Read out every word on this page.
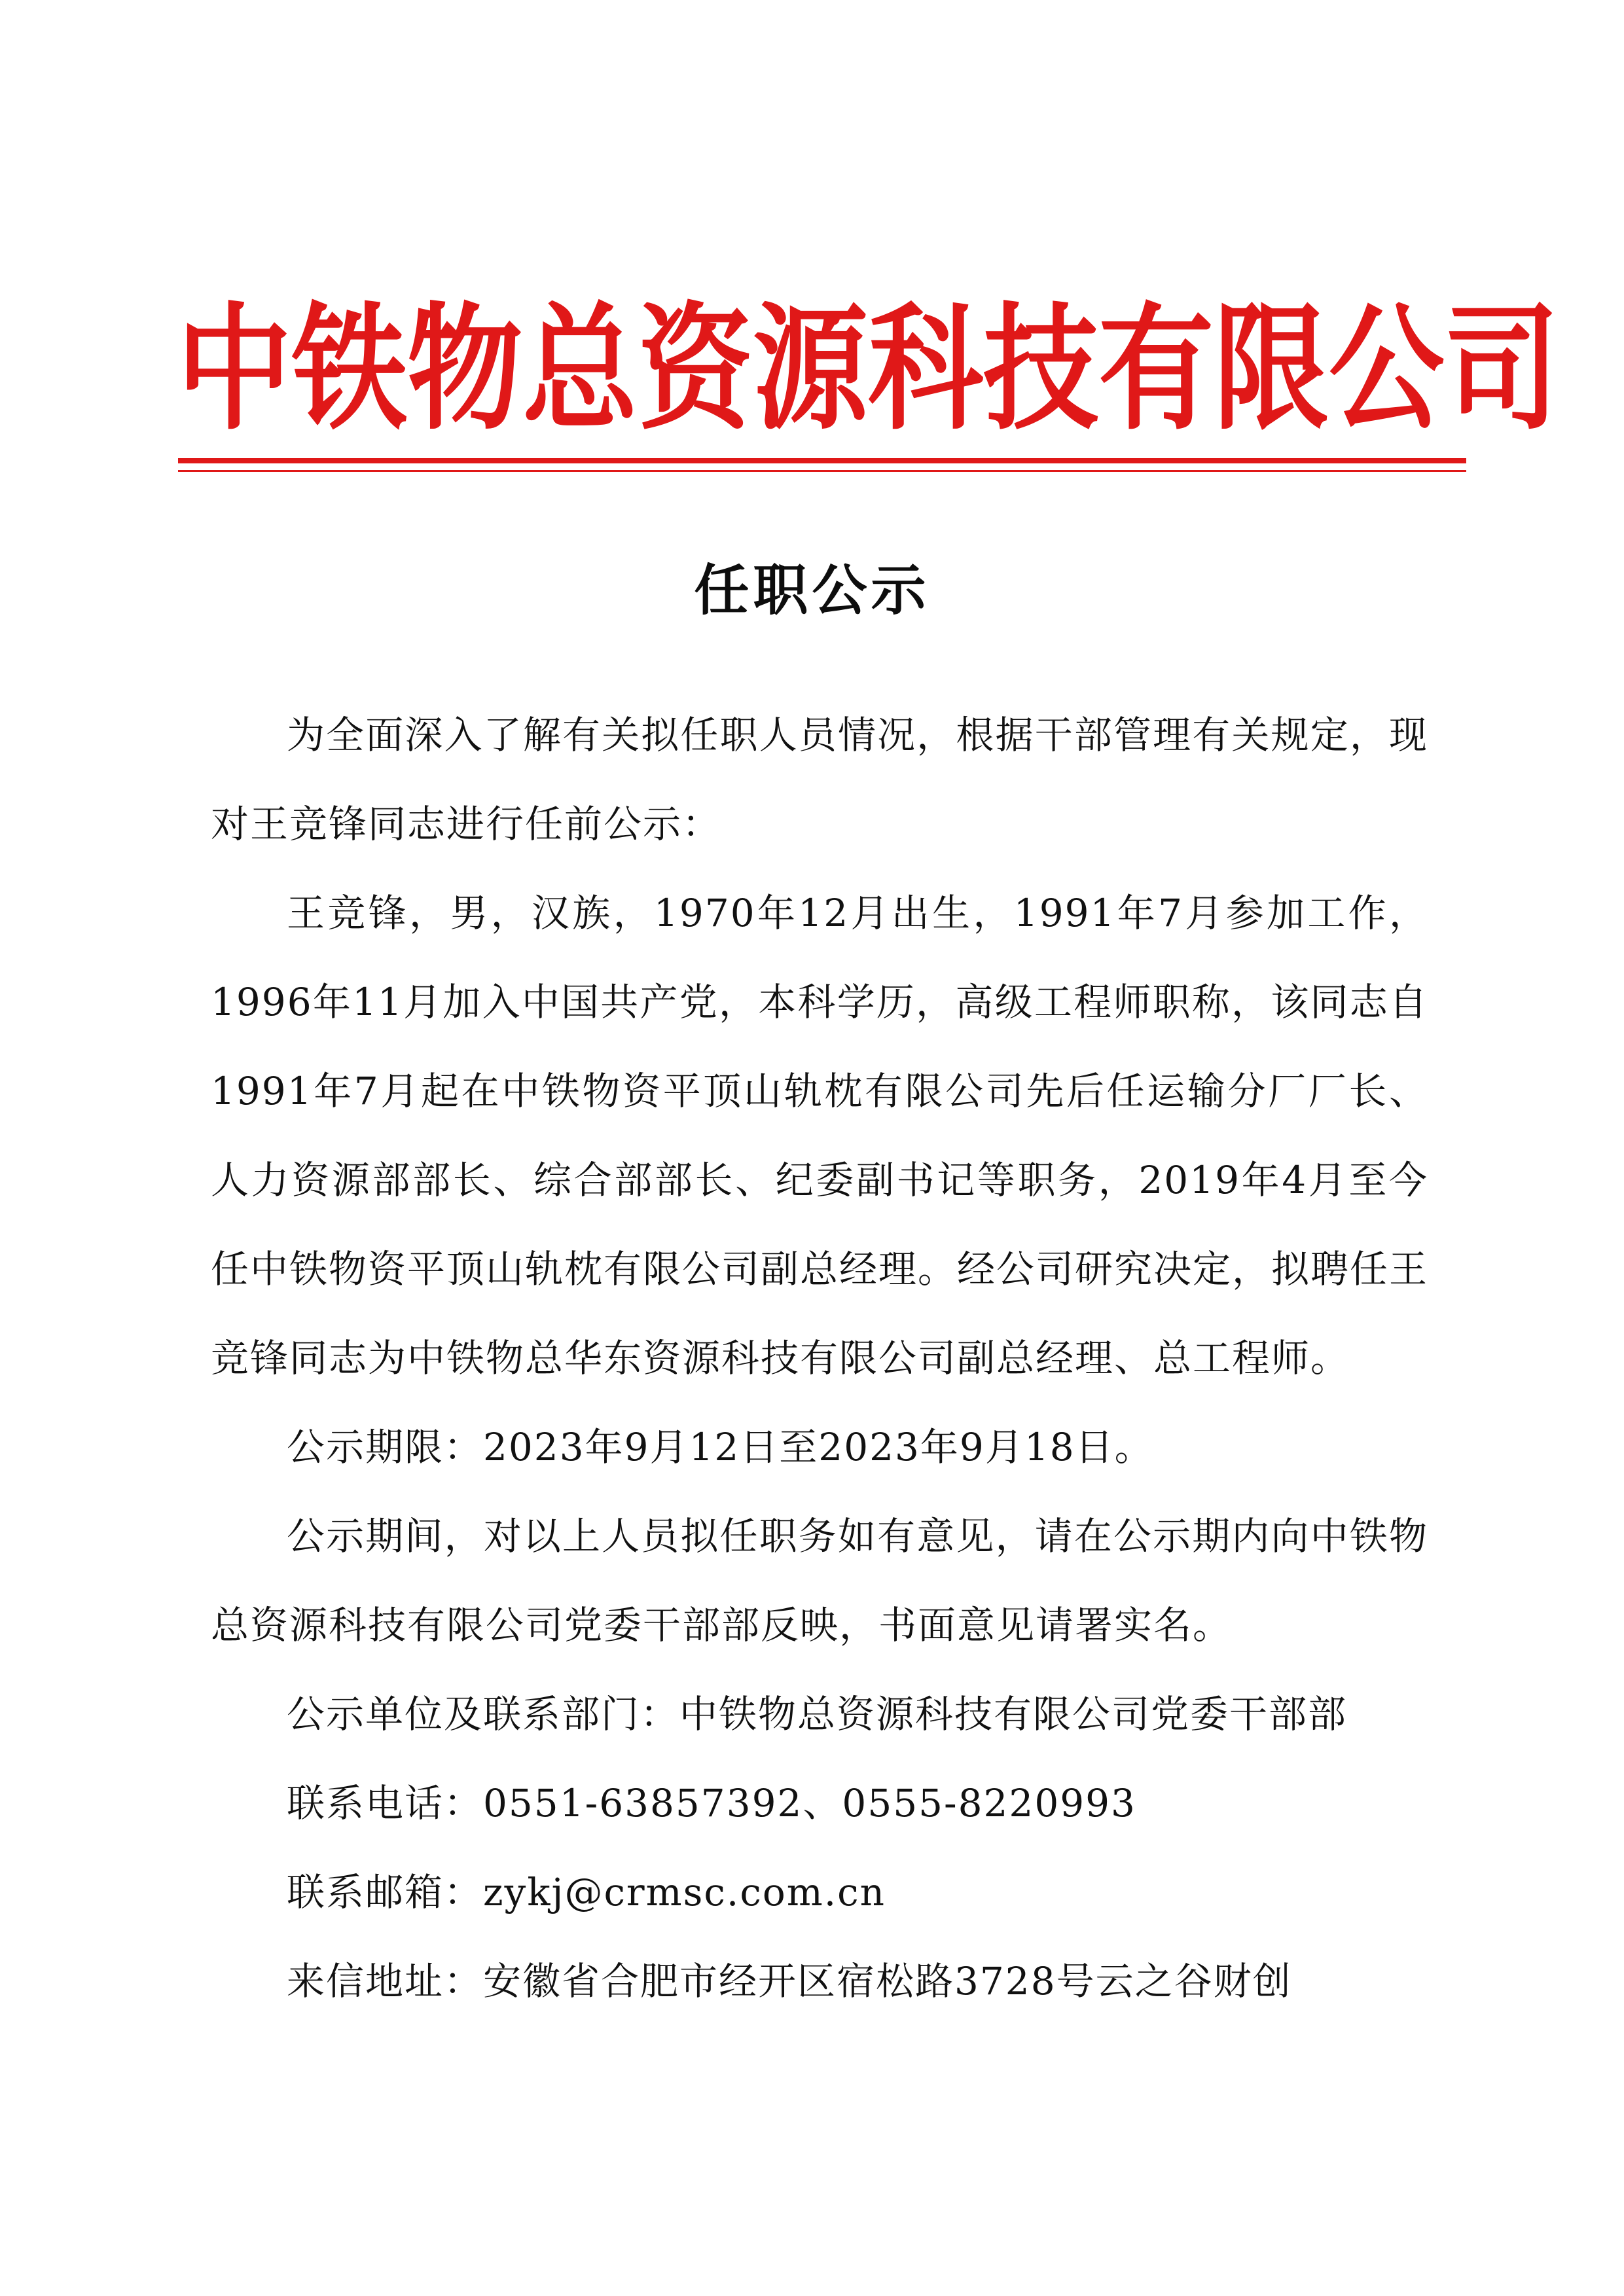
中 铁 物 总 资 源 科 技 有 限 公 司
任职公示

为全面深入了解有关拟任职人员情况，根据干部管理有关规定，现对王竞锋同志进行任前公示：

王竞锋，男，汉族，1970年12月出生，1991年7月参加工作，1996年11月加入中国共产党，本科学历，高级工程师职称，该同志自1991年7月起在中铁物资平顶山轨枕有限公司先后任运输分厂厂长、人力资源部部长、综合部部长、纪委副书记等职务，2019年4月至今任中铁物资平顶山轨枕有限公司副总经理。经公司研究决定，拟聘任王竞锋同志为中铁物总华东资源科技有限公司副总经理、总工程师。

公示期限：2023年9月12日至2023年9月18日。

公示期间，对以上人员拟任职务如有意见，请在公示期内向中铁物总资源科技有限公司党委干部部反映，书面意见请署实名。

公示单位及联系部门：中铁物总资源科技有限公司党委干部部

联系电话：0551-63857392、0555-8220993

联系邮箱：zykj@crmsc.com.cn

来信地址：安徽省合肥市经开区宿松路3728号云之谷财创
